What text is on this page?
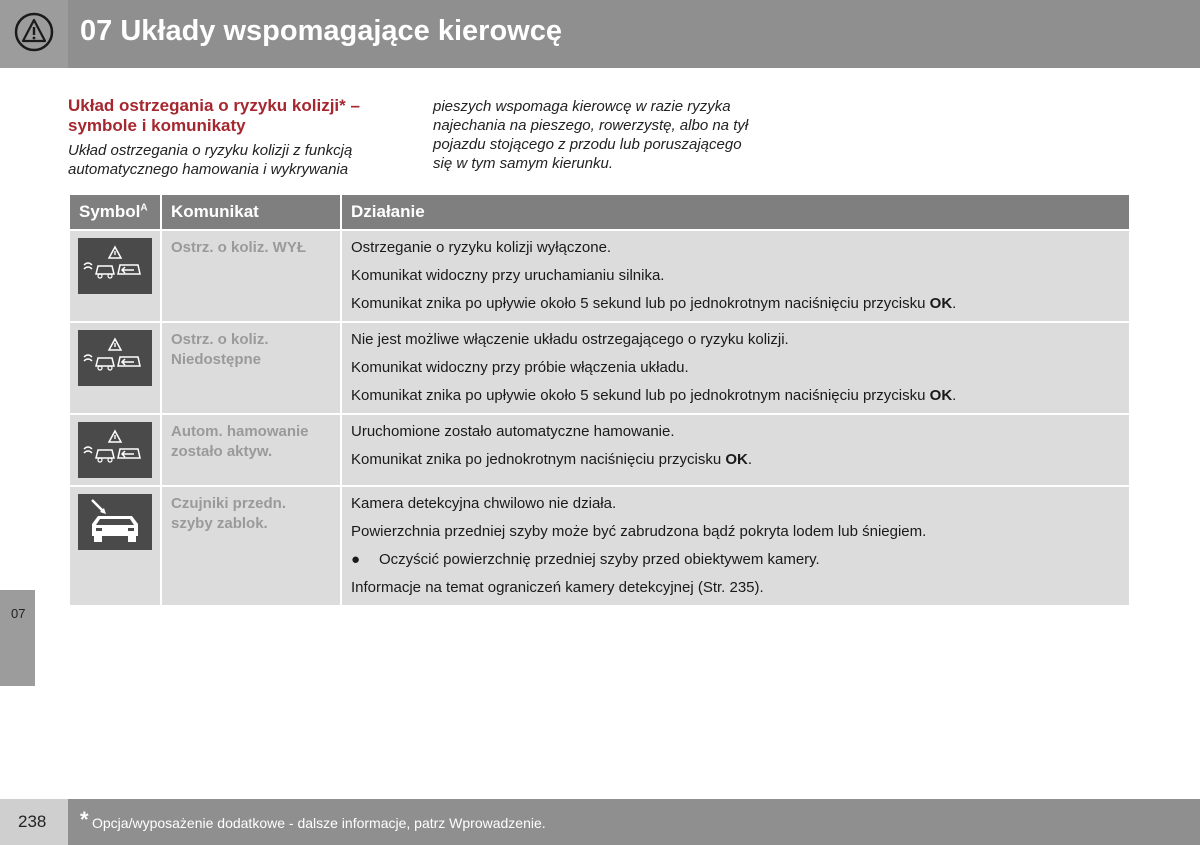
07 Układy wspomagające kierowcę
07
Układ ostrzegania o ryzyku kolizji* – symbole i komunikaty
Układ ostrzegania o ryzyku kolizji z funkcją automatycznego hamowania i wykrywania
pieszych wspomaga kierowcę w razie ryzyka najechania na pieszego, rowerzystę, albo na tył pojazdu stojącego z przodu lub poruszającego się w tym samym kierunku.
Symbol$^A$	Komunikat	Działanie

	Ostrz. o koliz. WYŁ	Ostrzeganie o ryzyku kolizji wyłączone.

Komunikat widoczny przy uruchamianiu silnika.

Komunikat znika po upływie około 5 sekund lub po jednokrotnym naciśnięciu przycisku OK.

	Ostrz. o koliz. Niedostępne	Nie jest możliwe włączenie układu ostrzegającego o ryzyku kolizji.

Komunikat widoczny przy próbie włączenia układu.

Komunikat znika po upływie około 5 sekund lub po jednokrotnym naciśnięciu przycisku OK.

	Autom. hamowanie zostało aktyw.	Uruchomione zostało automatyczne hamowanie.

Komunikat znika po jednokrotnym naciśnięciu przycisku OK.

	Czujniki przedn. szyby zablok.	Kamera detekcyjna chwilowo nie działa.

Powierzchnia przedniej szyby może być zabrudzona bądź pokryta lodem lub śniegiem.

● Oczyścić powierzchnię przedniej szyby przed obiektywem kamery.

Informacje na temat ograniczeń kamery detekcyjnej (Str. 235).

238 * Opcja/wyposażenie dodatkowe - dalsze informacje, patrz Wprowadzenie.
